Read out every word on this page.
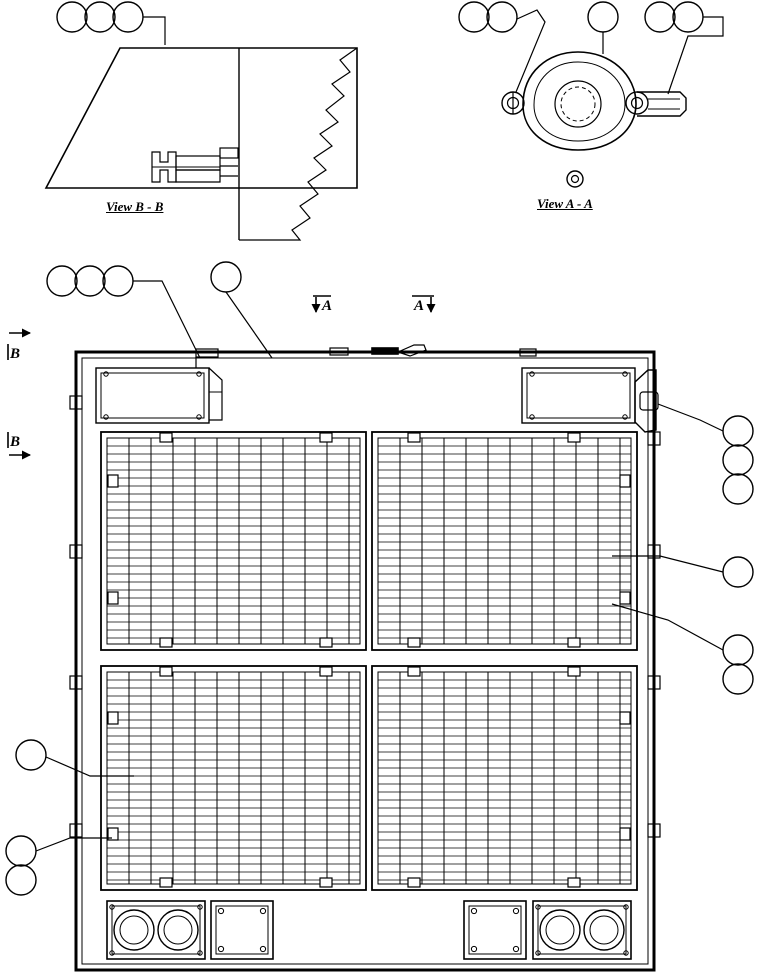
View B - B	View A - A
A	A
B
B
